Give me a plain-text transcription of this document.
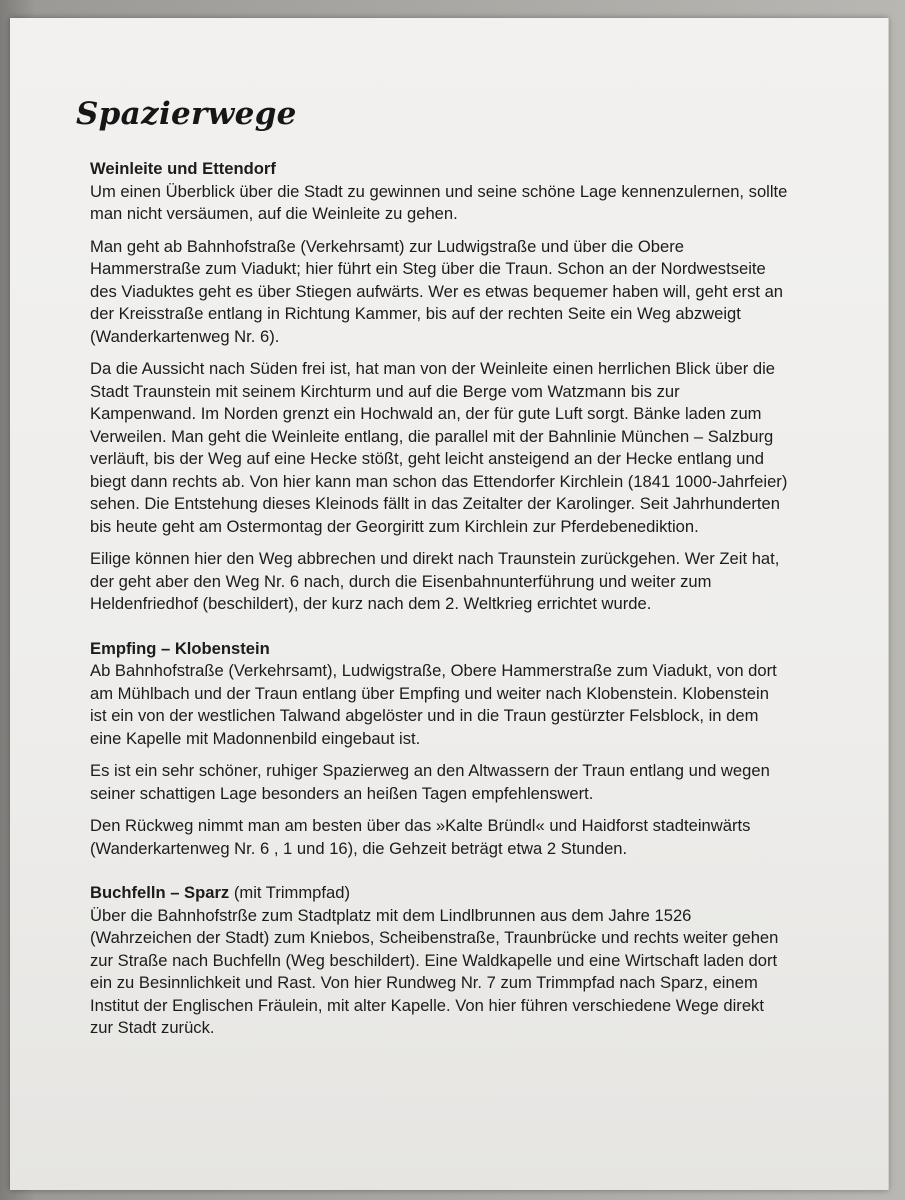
Spazierwege

Weinleite und Ettendorf

Um einen Überblick über die Stadt zu gewinnen und seine schöne Lage kennenzulernen, sollte man nicht versäumen, auf die Weinleite zu gehen.

Man geht ab Bahnhofstraße (Verkehrsamt) zur Ludwigstraße und über die Obere Hammerstraße zum Viadukt; hier führt ein Steg über die Traun. Schon an der Nordwestseite des Viaduktes geht es über Stiegen aufwärts. Wer es etwas bequemer haben will, geht erst an der Kreisstraße entlang in Richtung Kammer, bis auf der rechten Seite ein Weg abzweigt (Wanderkartenweg Nr. 6).

Da die Aussicht nach Süden frei ist, hat man von der Weinleite einen herrlichen Blick über die Stadt Traunstein mit seinem Kirchturm und auf die Berge vom Watzmann bis zur Kampenwand. Im Norden grenzt ein Hochwald an, der für gute Luft sorgt. Bänke laden zum Verweilen. Man geht die Weinleite entlang, die parallel mit der Bahnlinie München – Salzburg verläuft, bis der Weg auf eine Hecke stößt, geht leicht ansteigend an der Hecke entlang und biegt dann rechts ab. Von hier kann man schon das Ettendorfer Kirchlein (1841 1000-Jahrfeier) sehen. Die Entstehung dieses Kleinods fällt in das Zeitalter der Karolinger. Seit Jahrhunderten bis heute geht am Ostermontag der Georgiritt zum Kirchlein zur Pferdebenediktion.

Eilige können hier den Weg abbrechen und direkt nach Traunstein zurückgehen. Wer Zeit hat, der geht aber den Weg Nr. 6 nach, durch die Eisenbahnunterführung und weiter zum Heldenfriedhof (beschildert), der kurz nach dem 2. Weltkrieg errichtet wurde.

Empfing – Klobenstein

Ab Bahnhofstraße (Verkehrsamt), Ludwigstraße, Obere Hammerstraße zum Viadukt, von dort am Mühlbach und der Traun entlang über Empfing und weiter nach Klobenstein. Klobenstein ist ein von der westlichen Talwand abgelöster und in die Traun gestürzter Felsblock, in dem eine Kapelle mit Madonnenbild eingebaut ist.

Es ist ein sehr schöner, ruhiger Spazierweg an den Altwassern der Traun entlang und wegen seiner schattigen Lage besonders an heißen Tagen empfehlenswert.

Den Rückweg nimmt man am besten über das »Kalte Bründl« und Haidforst stadteinwärts (Wanderkartenweg Nr. 6 , 1 und 16), die Gehzeit beträgt etwa 2 Stunden.

Buchfelln – Sparz (mit Trimmpfad)

Über die Bahnhofstrße zum Stadtplatz mit dem Lindlbrunnen aus dem Jahre 1526 (Wahrzeichen der Stadt) zum Kniebos, Scheibenstraße, Traunbrücke und rechts weiter gehen zur Straße nach Buchfelln (Weg beschildert). Eine Waldkapelle und eine Wirtschaft laden dort ein zu Besinnlichkeit und Rast. Von hier Rundweg Nr. 7 zum Trimmpfad nach Sparz, einem Institut der Englischen Fräulein, mit alter Kapelle. Von hier führen verschiedene Wege direkt zur Stadt zurück.
